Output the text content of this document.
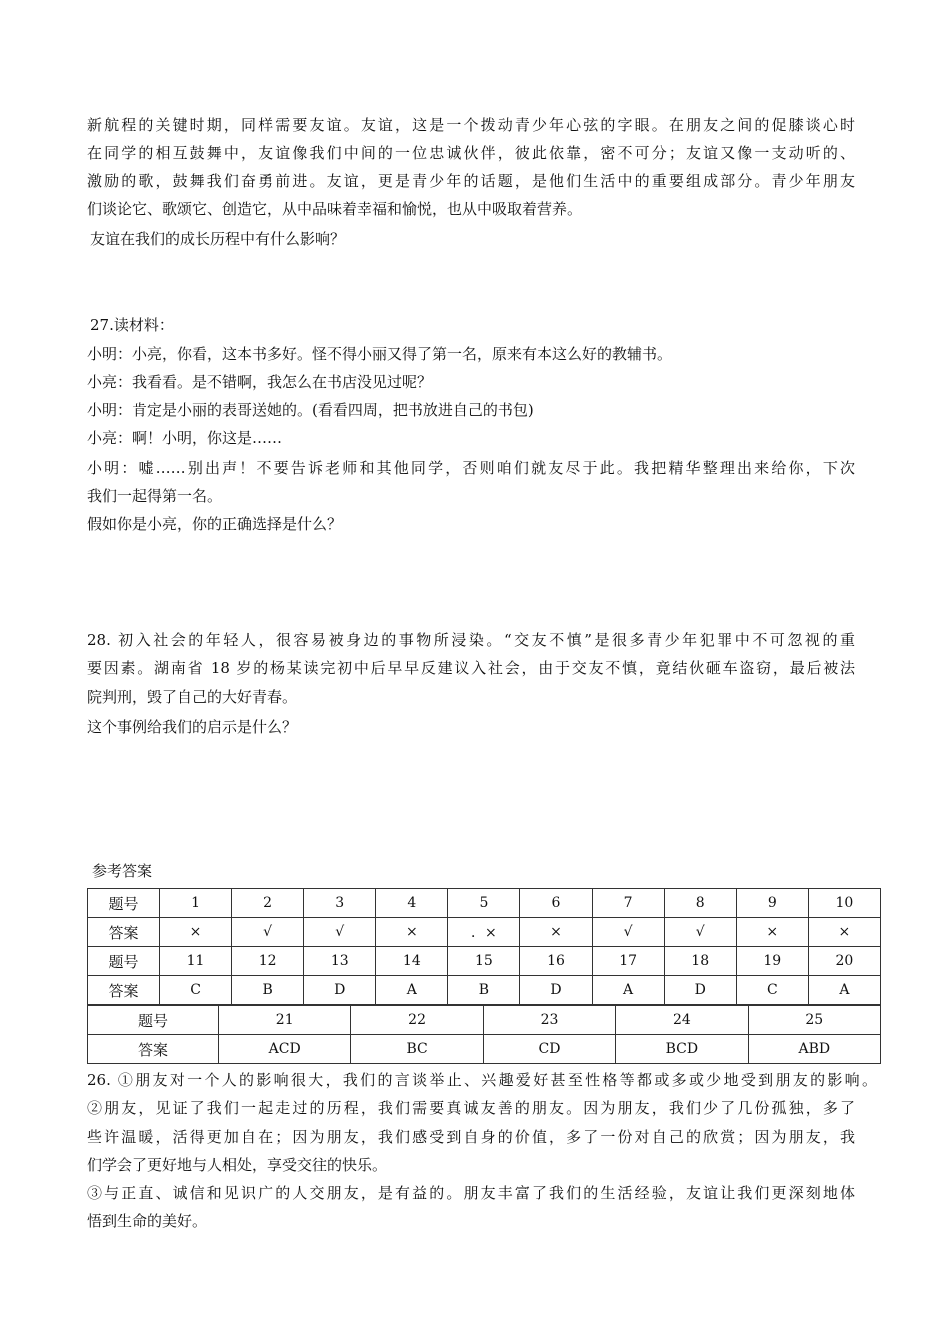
新航程的关键时期，同样需要友谊。友谊，这是一个拨动青少年心弦的字眼。在朋友之间的促膝谈心时
在同学的相互鼓舞中，友谊像我们中间的一位忠诚伙伴，彼此依靠，密不可分；友谊又像一支动听的、
激励的歌，鼓舞我们奋勇前进。友谊，更是青少年的话题，是他们生活中的重要组成部分。青少年朋友
们谈论它、歌颂它、创造它，从中品味着幸福和愉悦，也从中吸取着营养。
友谊在我们的成长历程中有什么影响？
27.读材料：
小明：小亮，你看，这本书多好。怪不得小丽又得了第一名，原来有本这么好的教辅书。
小亮：我看看。是不错啊，我怎么在书店没见过呢？
小明：肯定是小丽的表哥送她的。(看看四周，把书放进自己的书包)
小亮：啊！小明，你这是……
小明：嘘……别出声！不要告诉老师和其他同学，否则咱们就友尽于此。我把精华整理出来给你，下次
我们一起得第一名。
假如你是小亮，你的正确选择是什么？
28. 初入社会的年轻人，很容易被身边的事物所浸染。“交友不慎”是很多青少年犯罪中不可忽视的重
要因素。湖南省 18 岁的杨某读完初中后早早反建议入社会，由于交友不慎，竟结伙砸车盗窃，最后被法
院判刑，毁了自己的大好青春。
这个事例给我们的启示是什么？
参考答案
题号	1	2	3	4	5	6	7	8	9	10
答案	×	√	√	×	．×	×	√	√	×	×
题号	11	12	13	14	15	16	17	18	19	20
答案	C	B	D	A	B	D	A	D	C	A
题号	21	22	23	24	25
答案	ACD	BC	CD	BCD	ABD
26. ①朋友对一个人的影响很大，我们的言谈举止、兴趣爱好甚至性格等都或多或少地受到朋友的影响。
②朋友，见证了我们一起走过的历程，我们需要真诚友善的朋友。因为朋友，我们少了几份孤独，多了
些许温暖，活得更加自在；因为朋友，我们感受到自身的价值，多了一份对自己的欣赏；因为朋友，我
们学会了更好地与人相处，享受交往的快乐。
③与正直、诚信和见识广的人交朋友，是有益的。朋友丰富了我们的生活经验，友谊让我们更深刻地体
悟到生命的美好。
